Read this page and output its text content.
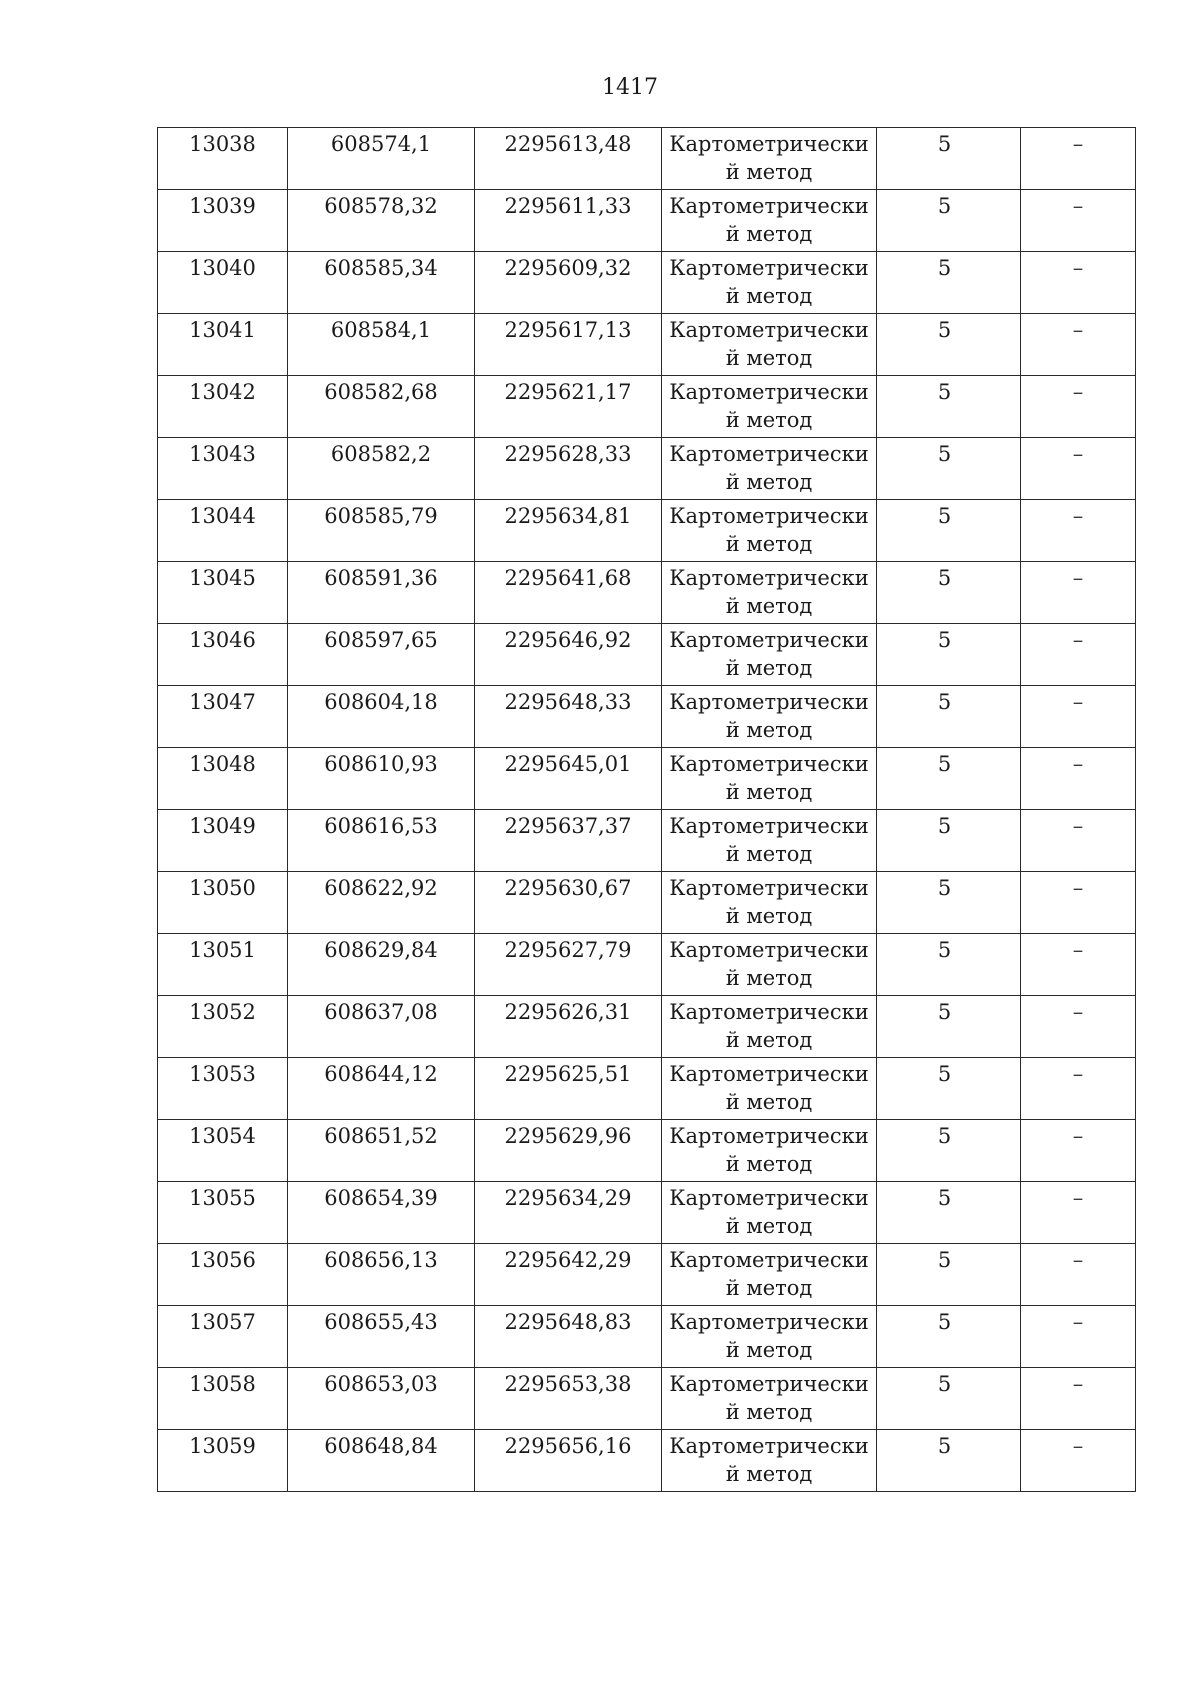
1417
13038	608574,1	2295613,48	Картометрически
й метод	5	–

13039	608578,32	2295611,33	Картометрически
й метод	5	–

13040	608585,34	2295609,32	Картометрически
й метод	5	–

13041	608584,1	2295617,13	Картометрически
й метод	5	–

13042	608582,68	2295621,17	Картометрически
й метод	5	–

13043	608582,2	2295628,33	Картометрически
й метод	5	–

13044	608585,79	2295634,81	Картометрически
й метод	5	–

13045	608591,36	2295641,68	Картометрически
й метод	5	–

13046	608597,65	2295646,92	Картометрически
й метод	5	–

13047	608604,18	2295648,33	Картометрически
й метод	5	–

13048	608610,93	2295645,01	Картометрически
й метод	5	–

13049	608616,53	2295637,37	Картометрически
й метод	5	–

13050	608622,92	2295630,67	Картометрически
й метод	5	–

13051	608629,84	2295627,79	Картометрически
й метод	5	–

13052	608637,08	2295626,31	Картометрически
й метод	5	–

13053	608644,12	2295625,51	Картометрически
й метод	5	–

13054	608651,52	2295629,96	Картометрически
й метод	5	–

13055	608654,39	2295634,29	Картометрически
й метод	5	–

13056	608656,13	2295642,29	Картометрически
й метод	5	–

13057	608655,43	2295648,83	Картометрически
й метод	5	–

13058	608653,03	2295653,38	Картометрически
й метод	5	–

13059	608648,84	2295656,16	Картометрически
й метод	5	–
